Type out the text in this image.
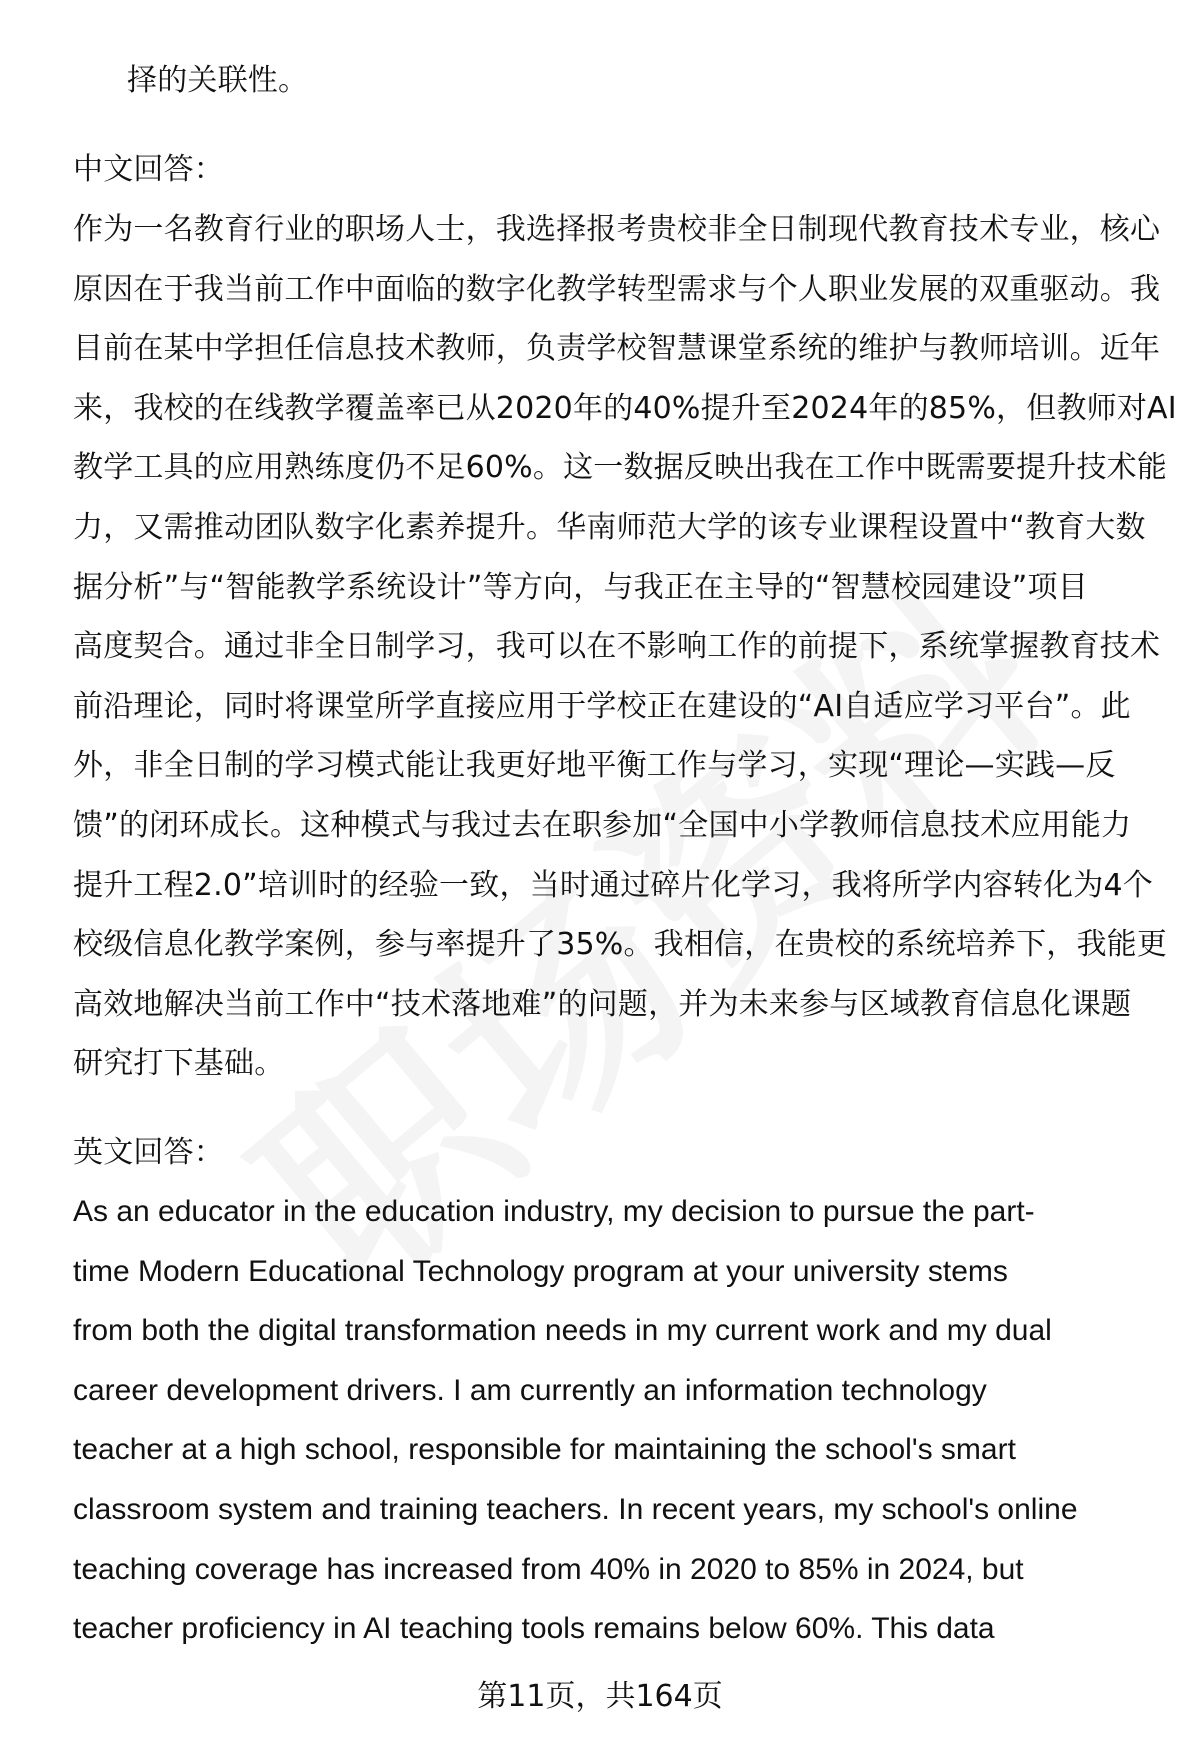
择的关联性。
中文回答：
作为一名教育行业的职场人士，我选择报考贵校非全日制现代教育技术专业，核心
原因在于我当前工作中面临的数字化教学转型需求与个人职业发展的双重驱动。我
目前在某中学担任信息技术教师，负责学校智慧课堂系统的维护与教师培训。近年
来，我校的在线教学覆盖率已从2020年的40%提升至2024年的85%，但教师对AI
教学工具的应用熟练度仍不足60%。这一数据反映出我在工作中既需要提升技术能
力，又需推动团队数字化素养提升。华南师范大学的该专业课程设置中“教育大数
据分析”与“智能教学系统设计”等方向，与我正在主导的“智慧校园建设”项目
高度契合。通过非全日制学习，我可以在不影响工作的前提下，系统掌握教育技术
前沿理论，同时将课堂所学直接应用于学校正在建设的“AI自适应学习平台”。此
外，非全日制的学习模式能让我更好地平衡工作与学习，实现“理论—实践—反
馈”的闭环成长。这种模式与我过去在职参加“全国中小学教师信息技术应用能力
提升工程2.0”培训时的经验一致，当时通过碎片化学习，我将所学内容转化为4个
校级信息化教学案例，参与率提升了35%。我相信，在贵校的系统培养下，我能更
高效地解决当前工作中“技术落地难”的问题，并为未来参与区域教育信息化课题
研究打下基础。
英文回答：
As an educator in the education industry, my decision to pursue the part-
time Modern Educational Technology program at your university stems
from both the digital transformation needs in my current work and my dual
career development drivers. I am currently an information technology
teacher at a high school, responsible for maintaining the school's smart
classroom system and training teachers. In recent years, my school's online
teaching coverage has increased from 40% in 2020 to 85% in 2024, but
teacher proficiency in AI teaching tools remains below 60%. This data
第11页，共164页
